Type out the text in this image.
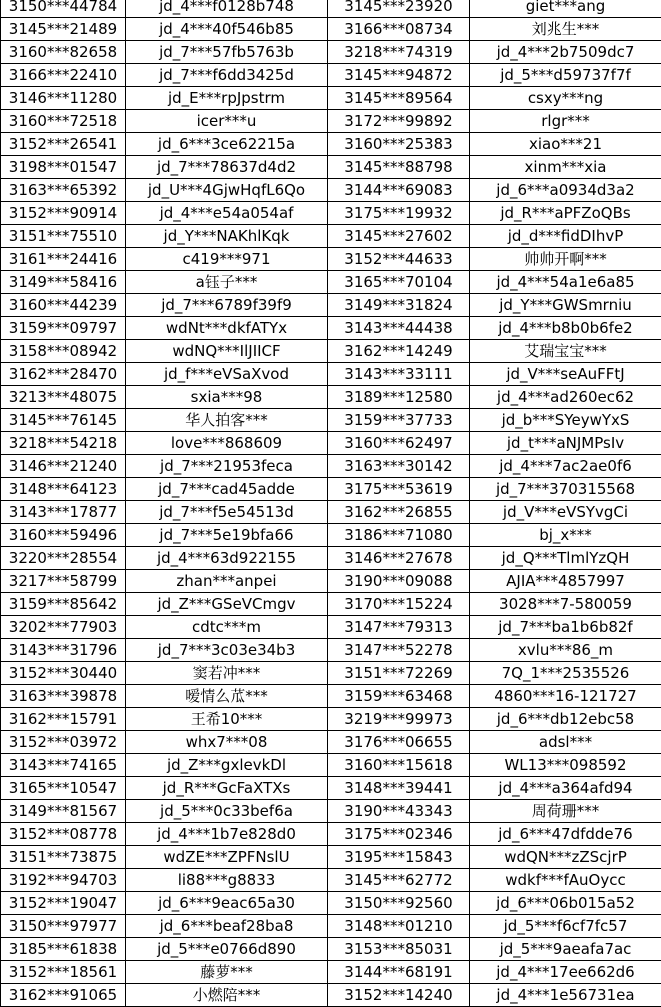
3150***44784	jd_4***f0128b748	3145***23920	giet***ang
3145***21489	jd_4***40f546b85	3166***08734	刘兆生***
3160***82658	jd_7***57fb5763b	3218***74319	jd_4***2b7509dc7
3166***22410	jd_7***f6dd3425d	3145***94872	jd_5***d59737f7f
3146***11280	jd_E***rpJpstrm	3145***89564	csxy***ng
3160***72518	icer***u	3172***99892	rlgr***
3152***26541	jd_6***3ce62215a	3160***25383	xiao***21
3198***01547	jd_7***78637d4d2	3145***88798	xinm***xia
3163***65392	jd_U***4GjwHqfL6Qo	3144***69083	jd_6***a0934d3a2
3152***90914	jd_4***e54a054af	3175***19932	jd_R***aPFZoQBs
3151***75510	jd_Y***NAKhlKqk	3145***27602	jd_d***fidDIhvP
3161***24416	c419***971	3152***44633	帅帅开啊***
3149***58416	a钰子***	3165***70104	jd_4***54a1e6a85
3160***44239	jd_7***6789f39f9	3149***31824	jd_Y***GWSmrniu
3159***09797	wdNt***dkfATYx	3143***44438	jd_4***b8b0b6fe2
3158***08942	wdNQ***IlJIICF	3162***14249	艾瑞宝宝***
3162***28470	jd_f***eVSaXvod	3143***33111	jd_V***seAuFFtJ
3213***48075	sxia***98	3189***12580	jd_4***ad260ec62
3145***76145	华人拍客***	3159***37733	jd_b***SYeywYxS
3218***54218	love***868609	3160***62497	jd_t***aNJMPsIv
3146***21240	jd_7***21953feca	3163***30142	jd_4***7ac2ae0f6
3148***64123	jd_7***cad45adde	3175***53619	jd_7***370315568
3143***17877	jd_7***f5e54513d	3162***26855	jd_V***eVSYvgCi
3160***59496	jd_7***5e19bfa66	3186***71080	bj_x***
3220***28554	jd_4***63d922155	3146***27678	jd_Q***TlmlYzQH
3217***58799	zhan***anpei	3190***09088	AJIA***4857997
3159***85642	jd_Z***GSeVCmgv	3170***15224	3028***7-580059
3202***77903	cdtc***m	3147***79313	jd_7***ba1b6b82f
3143***31796	jd_7***3c03e34b3	3147***52278	xvlu***86_m
3152***30440	窦若冲***	3151***72269	7Q_1***2535526
3163***39878	嗳情么苽***	3159***63468	4860***16-121727
3162***15791	王希10***	3219***99973	jd_6***db12ebc58
3152***03972	whx7***08	3176***06655	adsl***
3143***74165	jd_Z***gxlevkDl	3160***15618	WL13***098592
3165***10547	jd_R***GcFaXTXs	3148***39441	jd_4***a364afd94
3149***81567	jd_5***0c33bef6a	3190***43343	周荷珊***
3152***08778	jd_4***1b7e828d0	3175***02346	jd_6***47dfdde76
3151***73875	wdZE***ZPFNslU	3195***15843	wdQN***zZScjrP
3192***94703	li88***g8833	3145***62772	wdkf***fAuOycc
3152***19047	jd_6***9eac65a30	3150***92560	jd_6***06b015a52
3150***97977	jd_6***beaf28ba8	3148***01210	jd_5***f6cf7fc57
3185***61838	jd_5***e0766d890	3153***85031	jd_5***9aeafa7ac
3152***18561	藤萝***	3144***68191	jd_4***17ee662d6
3162***91065	小燃陪***	3152***14240	jd_4***1e56731ea
